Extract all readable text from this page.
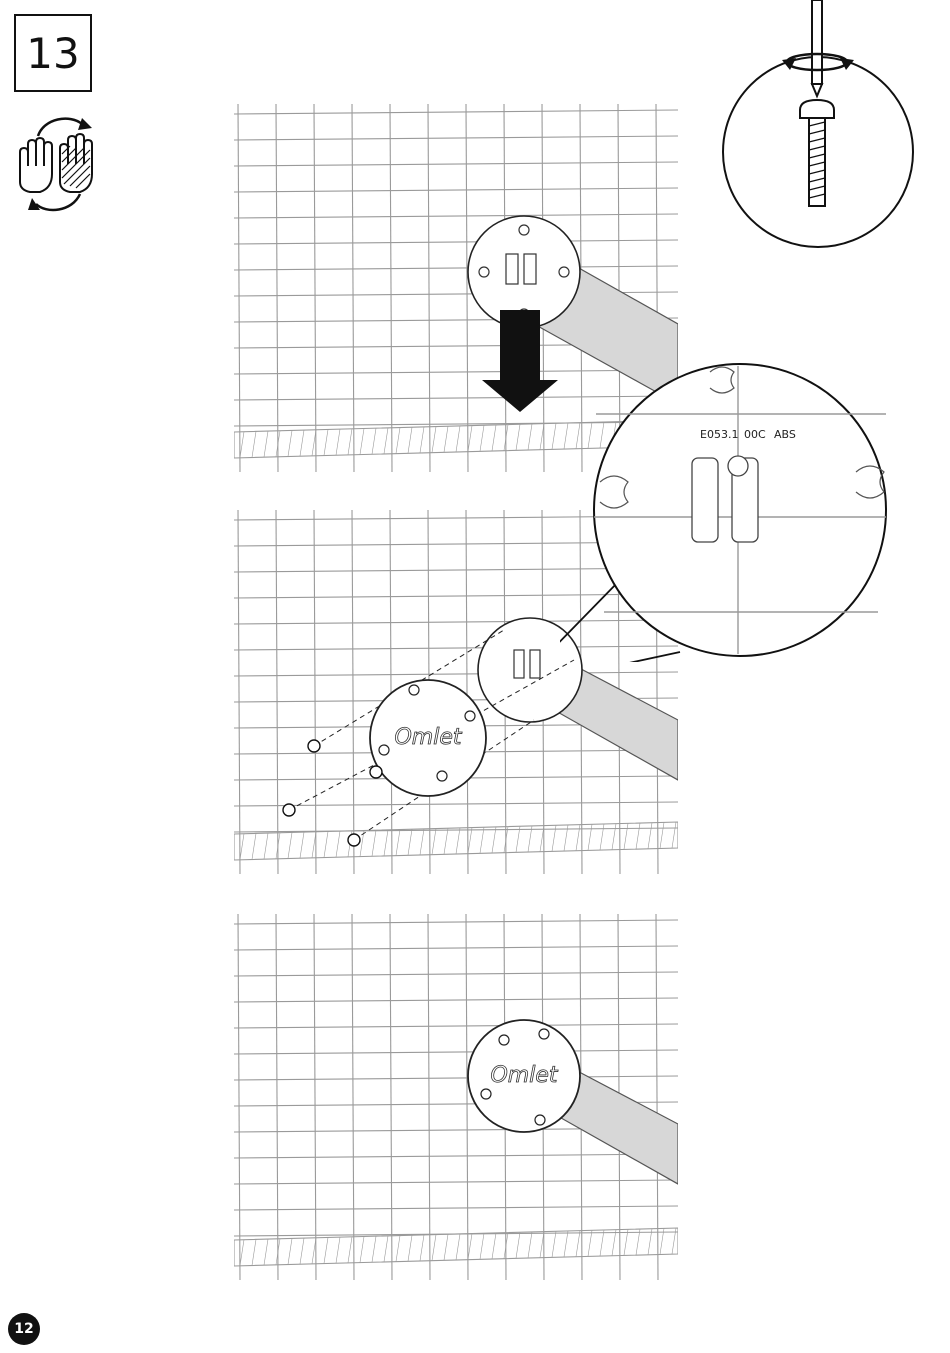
13
Omlet
E053.1 00C ABS
Omlet
12
